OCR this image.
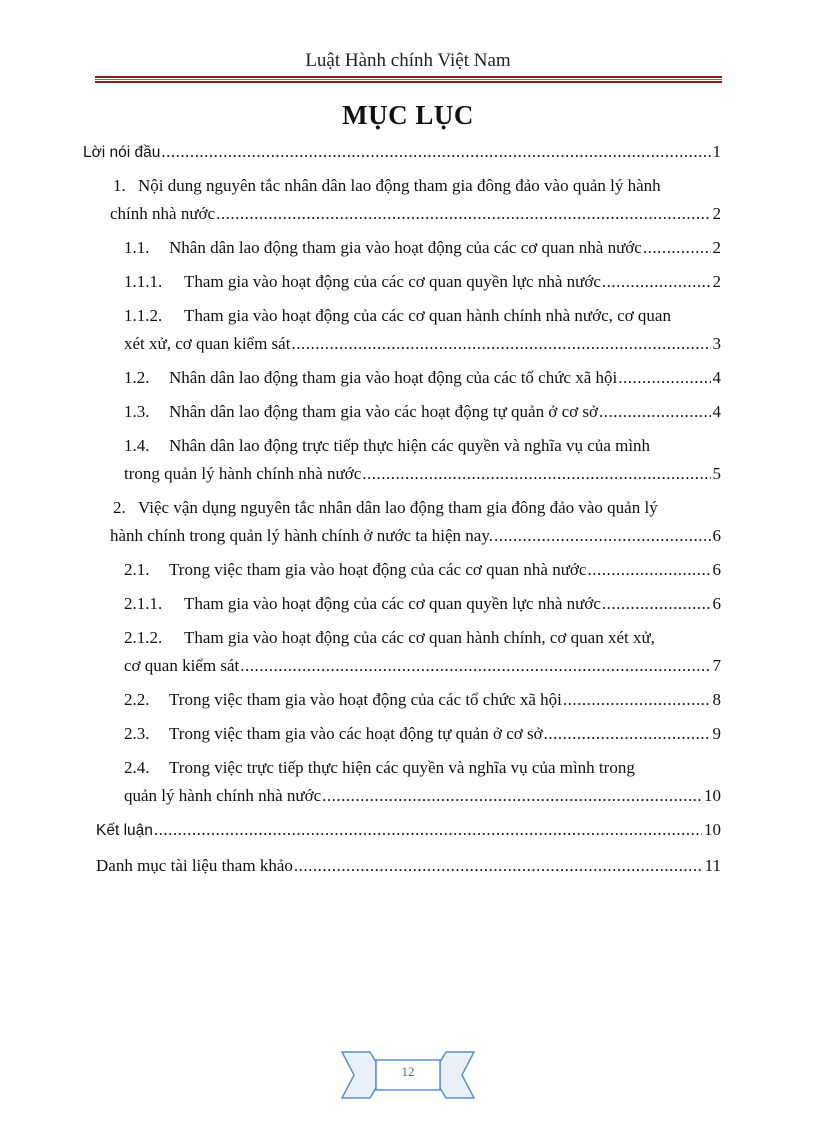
Luật Hành chính Việt Nam
MỤC LỤC
Lời nói đầu .....	1
1. Nội dung nguyên tắc nhân dân lao động tham gia đông đảo vào quản lý hành
chính nhà nước .....	2
1.1.	Nhân dân lao động tham gia vào hoạt động của các cơ quan nhà nước .....	2
1.1.1.	Tham gia vào hoạt động của các cơ quan quyền lực nhà nước .....	2
1.1.2. Tham gia vào hoạt động của các cơ quan hành chính nhà nước, cơ quan
xét xử, cơ quan kiểm sát .....	3
1.2.	Nhân dân lao động tham gia vào hoạt động của các tổ chức xã hội .....	4
1.3.	Nhân dân lao động tham gia vào các hoạt động tự quản ở cơ sở .....	4
1.4. Nhân dân lao động trực tiếp thực hiện các quyền và nghĩa vụ của mình
trong quản lý hành chính nhà nước .....	5
2. Việc vận dụng nguyên tắc nhân dân lao động tham gia đông đảo vào quản lý
hành chính trong quản lý hành chính ở nước ta hiện nay. .....	6
2.1.	Trong việc tham gia vào hoạt động của các cơ quan nhà nước .....	6
2.1.1.	Tham gia vào hoạt động của các cơ quan quyền lực nhà nước .....	6
2.1.2. Tham gia vào hoạt động của các cơ quan hành chính, cơ quan xét xử,
cơ quan kiểm sát .....	7
2.2.	Trong việc tham gia vào hoạt động của các tổ chức xã hội .....	8
2.3.	Trong việc tham gia vào các hoạt động tự quản ở cơ sở .....	9
2.4. Trong việc trực tiếp thực hiện các quyền và nghĩa vụ của mình trong
quản lý hành chính nhà nước .....	10
Kết luận .....	10
Danh mục tài liệu tham khảo .....	11
12
